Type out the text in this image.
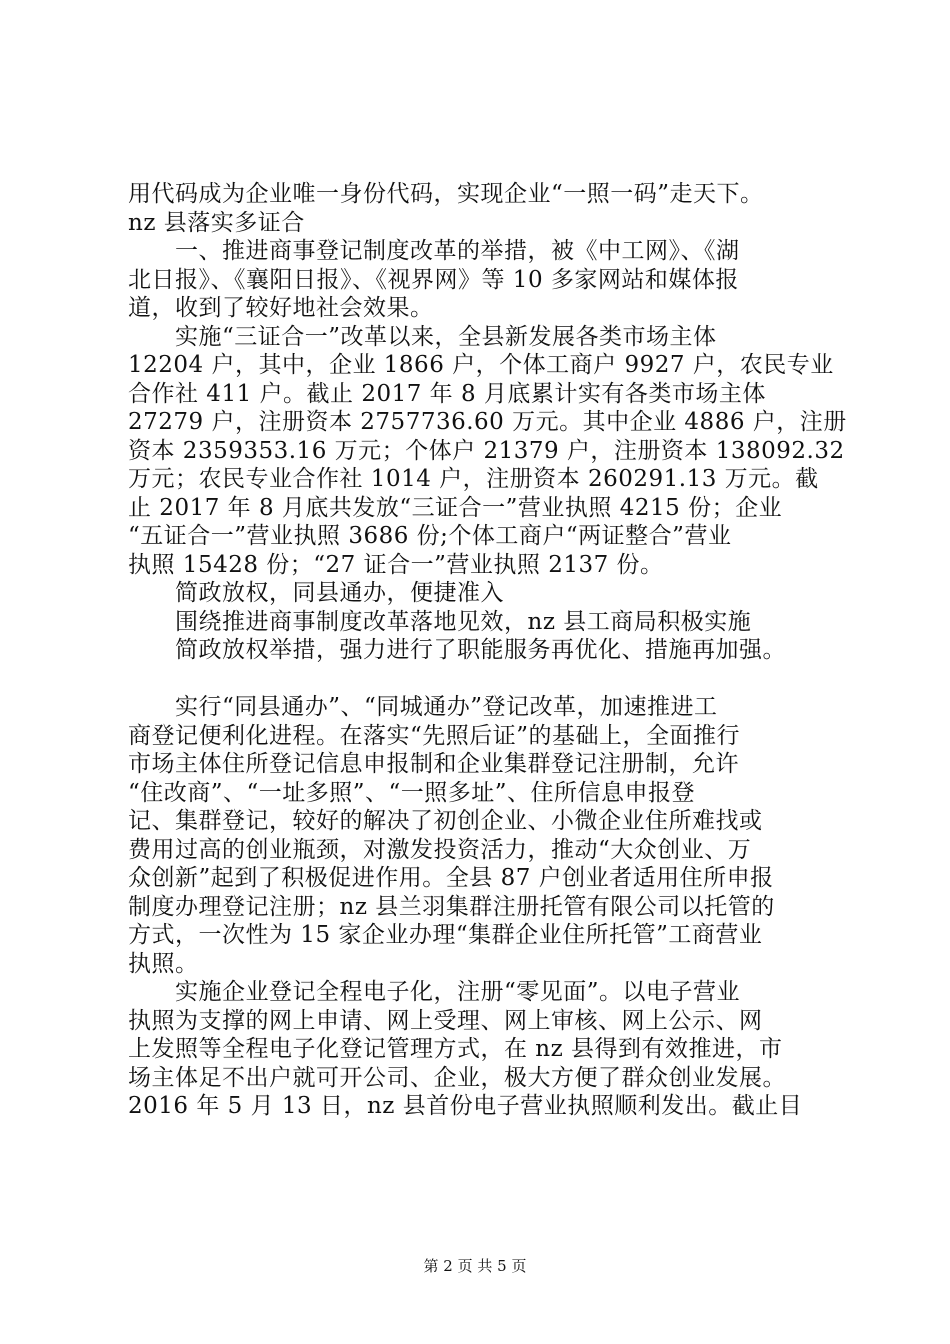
用代码成为企业唯一身份代码，实现企业“一照一码”走天下。
nz 县落实多证合
　　一、推进商事登记制度改革的举措，被《中工网》、《湖
北日报》、《襄阳日报》、《视界网》等 10 多家网站和媒体报
道，收到了较好地社会效果。
　　实施“三证合一”改革以来，全县新发展各类市场主体
12204 户，其中，企业 1866 户，个体工商户 9927 户，农民专业
合作社 411 户。截止 2017 年 8 月底累计实有各类市场主体
27279 户，注册资本 2757736.60 万元。其中企业 4886 户，注册
资本 2359353.16 万元；个体户 21379 户，注册资本 138092.32
万元；农民专业合作社 1014 户，注册资本 260291.13 万元。截
止 2017 年 8 月底共发放“三证合一”营业执照 4215 份；企业
“五证合一”营业执照 3686 份;个体工商户“两证整合”营业
执照 15428 份；“27 证合一”营业执照 2137 份。
　　简政放权，同县通办，便捷准入
　　围绕推进商事制度改革落地见效，nz 县工商局积极实施
　　简政放权举措，强力进行了职能服务再优化、措施再加强。
　　实行“同县通办”、“同城通办”登记改革，加速推进工
商登记便利化进程。在落实“先照后证”的基础上，全面推行
市场主体住所登记信息申报制和企业集群登记注册制，允许
“住改商”、“一址多照”、“一照多址”、住所信息申报登
记、集群登记，较好的解决了初创企业、小微企业住所难找或
费用过高的创业瓶颈，对激发投资活力，推动“大众创业、万
众创新”起到了积极促进作用。全县 87 户创业者适用住所申报
制度办理登记注册；nz 县兰羽集群注册托管有限公司以托管的
方式，一次性为 15 家企业办理“集群企业住所托管”工商营业
执照。
　　实施企业登记全程电子化，注册“零见面”。以电子营业
执照为支撑的网上申请、网上受理、网上审核、网上公示、网
上发照等全程电子化登记管理方式，在 nz 县得到有效推进，市
场主体足不出户就可开公司、企业，极大方便了群众创业发展。
2016 年 5 月 13 日，nz 县首份电子营业执照顺利发出。截止目
第 2 页 共 5 页
